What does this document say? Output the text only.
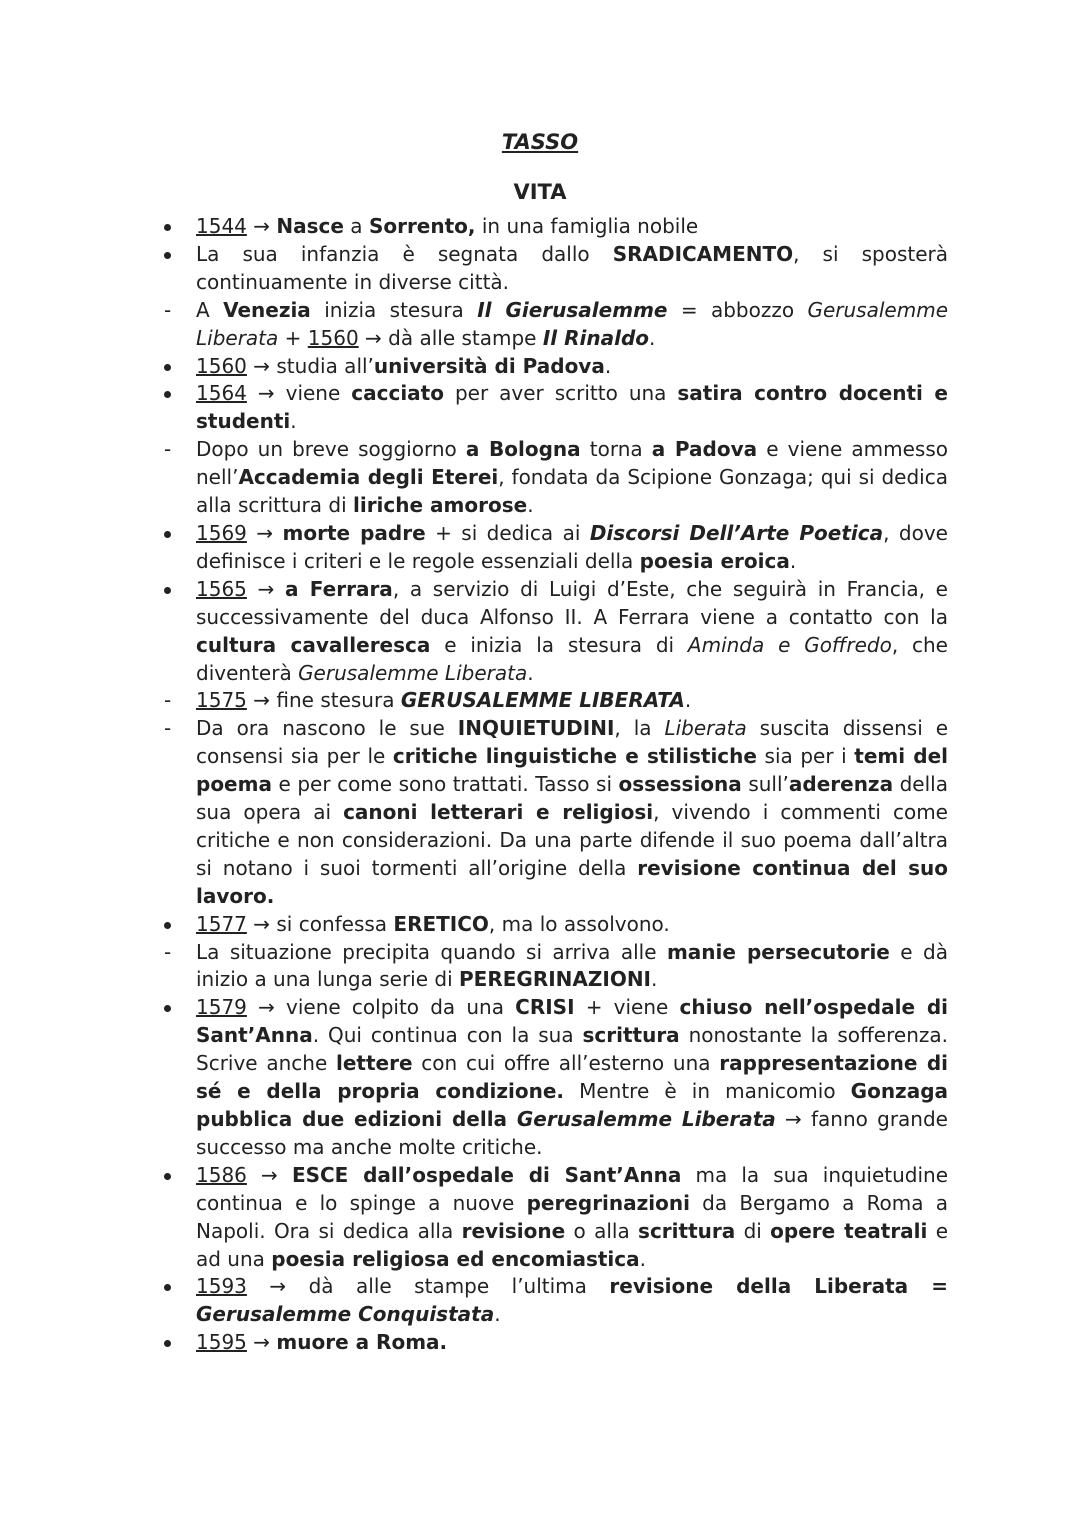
TASSO
VITA
1544 → Nasce a Sorrento, in una famiglia nobile
La sua infanzia è segnata dallo SRADICAMENTO, si sposterà continuamente in diverse città.
A Venezia inizia stesura Il Gierusalemme = abbozzo Gerusalemme Liberata + 1560 → dà alle stampe Il Rinaldo.
1560 → studia all’università di Padova.
1564 → viene cacciato per aver scritto una satira contro docenti e studenti.
Dopo un breve soggiorno a Bologna torna a Padova e viene ammesso nell’Accademia degli Eterei, fondata da Scipione Gonzaga; qui si dedica alla scrittura di liriche amorose.
1569 → morte padre + si dedica ai Discorsi Dell’Arte Poetica, dove definisce i criteri e le regole essenziali della poesia eroica.
1565 → a Ferrara, a servizio di Luigi d’Este, che seguirà in Francia, e successivamente del duca Alfonso II. A Ferrara viene a contatto con la cultura cavalleresca e inizia la stesura di Aminda e Goffredo, che diventerà Gerusalemme Liberata.
1575 → fine stesura GERUSALEMME LIBERATA.
Da ora nascono le sue INQUIETUDINI, la Liberata suscita dissensi e consensi sia per le critiche linguistiche e stilistiche sia per i temi del poema e per come sono trattati. Tasso si ossessiona sull’aderenza della sua opera ai canoni letterari e religiosi, vivendo i commenti come critiche e non considerazioni. Da una parte difende il suo poema dall’altra si notano i suoi tormenti all’origine della revisione continua del suo lavoro.
1577 → si confessa ERETICO, ma lo assolvono.
La situazione precipita quando si arriva alle manie persecutorie e dà inizio a una lunga serie di PEREGRINAZIONI.
1579 → viene colpito da una CRISI + viene chiuso nell’ospedale di Sant’Anna. Qui continua con la sua scrittura nonostante la sofferenza. Scrive anche lettere con cui offre all’esterno una rappresentazione di sé e della propria condizione. Mentre è in manicomio Gonzaga pubblica due edizioni della Gerusalemme Liberata → fanno grande successo ma anche molte critiche.
1586 → ESCE dall’ospedale di Sant’Anna ma la sua inquietudine continua e lo spinge a nuove peregrinazioni da Bergamo a Roma a Napoli. Ora si dedica alla revisione o alla scrittura di opere teatrali e ad una poesia religiosa ed encomiastica.
1593 → dà alle stampe l’ultima revisione della Liberata = Gerusalemme Conquistata.
1595 → muore a Roma.
